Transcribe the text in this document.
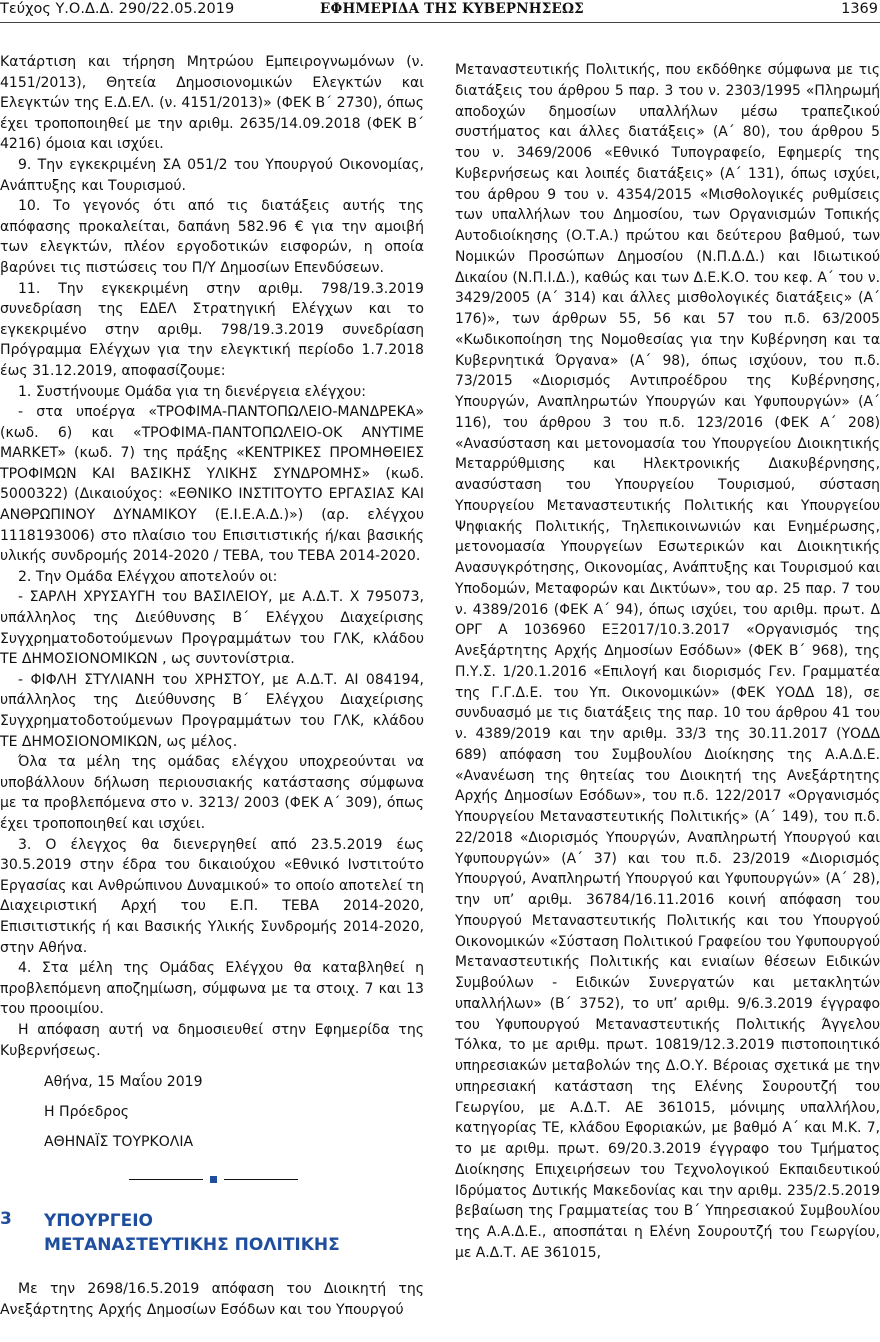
Τεύχος Υ.Ο.Δ.Δ. 290/22.05.2019	ΕΦΗΜΕΡΙΔΑ ΤΗΣ ΚΥΒΕΡΝΗΣΕΩΣ	1369

Κατάρτιση και τήρηση Μητρώου Εμπειρογνωμόνων (ν. 4151/2013), Θητεία Δημοσιονομικών Ελεγκτών και Ελεγκτών της Ε.Δ.ΕΛ. (ν. 4151/2013)» (ΦΕΚ Β΄ 2730), όπως έχει τροποποιηθεί με την αριθμ. 2635/14.09.2018 (ΦΕΚ Β΄ 4216) όμοια και ισχύει.

9. Την εγκεκριμένη ΣΑ 051/2 του Υπουργού Οικονομίας, Ανάπτυξης και Τουρισμού.

10. Το γεγονός ότι από τις διατάξεις αυτής της απόφασης προκαλείται, δαπάνη 582.96 € για την αμοιβή των ελεγκτών, πλέον εργοδοτικών εισφορών, η οποία βαρύνει τις πιστώσεις του Π/Υ Δημοσίων Επενδύσεων.

11. Την εγκεκριμένη στην αριθμ. 798/19.3.2019 συνεδρίαση της ΕΔΕΛ Στρατηγική Ελέγχων και το εγκεκριμένο στην αριθμ. 798/19.3.2019 συνεδρίαση Πρόγραμμα Ελέγχων για την ελεγκτική περίοδο 1.7.2018 έως 31.12.2019, αποφασίζουμε:

1. Συστήνουμε Ομάδα για τη διενέργεια ελέγχου:

- στα υποέργα «ΤΡΟΦΙΜΑ-ΠΑΝΤΟΠΩΛΕΙΟ-ΜΑΝΔΡΕΚΑ» (κωδ. 6) και «ΤΡΟΦΙΜΑ-ΠΑΝΤΟΠΩΛΕΙΟ-ΟΚ ΑΝΥΤΙΜΕ MARKET» (κωδ. 7) της πράξης «ΚΕΝΤΡΙΚΕΣ ΠΡΟΜΗΘΕΙΕΣ ΤΡΟΦΙΜΩΝ ΚΑΙ ΒΑΣΙΚΗΣ ΥΛΙΚΗΣ ΣΥΝΔΡΟΜΗΣ» (κωδ. 5000322) (Δικαιούχος: «ΕΘΝΙΚΟ ΙΝΣΤΙΤΟΥΤΟ ΕΡΓΑΣΙΑΣ ΚΑΙ ΑΝΘΡΩΠΙΝΟΥ ΔΥΝΑΜΙΚΟΥ (Ε.Ι.Ε.Α.Δ.)») (αρ. ελέγχου 1118193006) στο πλαίσιο του Επισιτιστικής ή/και βασικής υλικής συνδρομής 2014-2020 / ΤΕΒΑ, του ΤΕΒΑ 2014-2020.

2. Την Ομάδα Ελέγχου αποτελούν οι:

- ΣΑΡΛΗ ΧΡΥΣΑΥΓΗ του ΒΑΣΙΛΕΙΟΥ, με Α.Δ.Τ. Χ 795073, υπάλληλος της Διεύθυνσης Β΄ Ελέγχου Διαχείρισης Συγχρηματοδοτούμενων Προγραμμάτων του ΓΛΚ, κλάδου ΤΕ ΔΗΜΟΣΙΟΝΟΜΙΚΩΝ , ως συντονίστρια.

- ΦΙΦΛΗ ΣΤΥΛΙΑΝΗ του ΧΡΗΣΤΟΥ, με Α.Δ.Τ. ΑΙ 084194, υπάλληλος της Διεύθυνσης Β΄ Ελέγχου Διαχείρισης Συγχρηματοδοτούμενων Προγραμμάτων του ΓΛΚ, κλάδου ΤΕ ΔΗΜΟΣΙΟΝΟΜΙΚΩΝ, ως μέλος.

Όλα τα μέλη της ομάδας ελέγχου υποχρεούνται να υποβάλλουν δήλωση περιουσιακής κατάστασης σύμφωνα με τα προβλεπόμενα στο ν. 3213/ 2003 (ΦΕΚ Α΄ 309), όπως έχει τροποποιηθεί και ισχύει.

3. Ο έλεγχος θα διενεργηθεί από 23.5.2019 έως 30.5.2019 στην έδρα του δικαιούχου «Εθνικό Ινστιτούτο Εργασίας και Ανθρώπινου Δυναμικού» το οποίο αποτελεί τη Διαχειριστική Αρχή του Ε.Π. ΤΕΒΑ 2014-2020, Επισιτιστικής ή και Βασικής Υλικής Συνδρομής 2014-2020, στην Αθήνα.

4. Στα μέλη της Ομάδας Ελέγχου θα καταβληθεί η προβλεπόμενη αποζημίωση, σύμφωνα με τα στοιχ. 7 και 13 του προοιμίου.

Η απόφαση αυτή να δημοσιευθεί στην Εφημερίδα της Κυβερνήσεως.

Αθήνα, 15 Μαΐου 2019

Η Πρόεδρος

ΑΘΗΝΑΪΣ ΤΟΥΡΚΟΛΙΑ

3 ΥΠΟΥΡΓΕΙΟ
ΜΕΤΑΝΑΣΤΕΥΤΙΚΗΣ ΠΟΛΙΤΙΚΗΣ

Με την 2698/16.5.2019 απόφαση του Διοικητή της Ανεξάρτητης Αρχής Δημοσίων Εσόδων και του Υπουργού

Μεταναστευτικής Πολιτικής, που εκδόθηκε σύμφωνα με τις διατάξεις του άρθρου 5 παρ. 3 του ν. 2303/1995 «Πληρωμή αποδοχών δημοσίων υπαλλήλων μέσω τραπεζικού συστήματος και άλλες διατάξεις» (Α΄ 80), του άρθρου 5 του ν. 3469/2006 «Εθνικό Τυπογραφείο, Εφημερίς της Κυβερνήσεως και λοιπές διατάξεις» (Α΄ 131), όπως ισχύει, του άρθρου 9 του ν. 4354/2015 «Μισθολογικές ρυθμίσεις των υπαλλήλων του Δημοσίου, των Οργανισμών Τοπικής Αυτοδιοίκησης (Ο.Τ.Α.) πρώτου και δεύτερου βαθμού, των Νομικών Προσώπων Δημοσίου (Ν.Π.Δ.Δ.) και Ιδιωτικού Δικαίου (Ν.Π.Ι.Δ.), καθώς και των Δ.Ε.Κ.Ο. του κεφ. Α΄ του ν. 3429/2005 (Α΄ 314) και άλλες μισθολογικές διατάξεις» (Α΄ 176)», των άρθρων 55, 56 και 57 του π.δ. 63/2005 «Κωδικοποίηση της Νομοθεσίας για την Κυβέρνηση και τα Κυβερνητικά Όργανα» (Α΄ 98), όπως ισχύουν, του π.δ. 73/2015 «Διορισμός Αντιπροέδρου της Κυβέρνησης, Υπουργών, Αναπληρωτών Υπουργών και Υφυπουργών» (Α΄ 116), του άρθρου 3 του π.δ. 123/2016 (ΦΕΚ Α΄ 208) «Ανασύσταση και μετονομασία του Υπουργείου Διοικητικής Μεταρρύθμισης και Ηλεκτρονικής Διακυβέρνησης, ανασύσταση του Υπουργείου Τουρισμού, σύσταση Υπουργείου Μεταναστευτικής Πολιτικής και Υπουργείου Ψηφιακής Πολιτικής, Τηλεπικοινωνιών και Ενημέρωσης, μετονομασία Υπουργείων Εσωτερικών και Διοικητικής Ανασυγκρότησης, Οικονομίας, Ανάπτυξης και Τουρισμού και Υποδομών, Μεταφορών και Δικτύων», του αρ. 25 παρ. 7 του ν. 4389/2016 (ΦΕΚ Α΄ 94), όπως ισχύει, του αριθμ. πρωτ. Δ ΟΡΓ Α 1036960 ΕΞ2017/10.3.2017 «Οργανισμός της Ανεξάρτητης Αρχής Δημοσίων Εσόδων» (ΦΕΚ Β΄ 968), της Π.Υ.Σ. 1/20.1.2016 «Επιλογή και διορισμός Γεν. Γραμματέα της Γ.Γ.Δ.Ε. του Υπ. Οικονομικών» (ΦΕΚ ΥΟΔΔ 18), σε συνδυασμό με τις διατάξεις της παρ. 10 του άρθρου 41 του ν. 4389/2019 και την αριθμ. 33/3 της 30.11.2017 (ΥΟΔΔ 689) απόφαση του Συμβουλίου Διοίκησης της Α.Α.Δ.Ε. «Ανανέωση της θητείας του Διοικητή της Ανεξάρτητης Αρχής Δημοσίων Εσόδων», του π.δ. 122/2017 «Οργανισμός Υπουργείου Μεταναστευτικής Πολιτικής» (Α΄ 149), του π.δ. 22/2018 «Διορισμός Υπουργών, Αναπληρωτή Υπουργού και Υφυπουργών» (Α΄ 37) και του π.δ. 23/2019 «Διορισμός Υπουργού, Αναπληρωτή Υπουργού και Υφυπουργών» (Α΄ 28), την υπ’ αριθμ. 36784/16.11.2016 κοινή απόφαση του Υπουργού Μεταναστευτικής Πολιτικής και του Υπουργού Οικονομικών «Σύσταση Πολιτικού Γραφείου του Υφυπουργού Μεταναστευτικής Πολιτικής και ενιαίων θέσεων Ειδικών Συμβούλων - Ειδικών Συνεργατών και μετακλητών υπαλλήλων» (Β΄ 3752), το υπ’ αριθμ. 9/6.3.2019 έγγραφο του Υφυπουργού Μεταναστευτικής Πολιτικής Άγγελου Τόλκα, το με αριθμ. πρωτ. 10819/12.3.2019 πιστοποιητικό υπηρεσιακών μεταβολών της Δ.Ο.Υ. Βέροιας σχετικά με την υπηρεσιακή κατάσταση της Ελένης Σουρουτζή του Γεωργίου, με Α.Δ.Τ. ΑΕ 361015, μόνιμης υπαλλήλου, κατηγορίας ΤΕ, κλάδου Εφοριακών, με βαθμό Α΄ και Μ.Κ. 7, το με αριθμ. πρωτ. 69/20.3.2019 έγγραφο του Τμήματος Διοίκησης Επιχειρήσεων του Τεχνολογικού Εκπαιδευτικού Ιδρύματος Δυτικής Μακεδονίας και την αριθμ. 235/2.5.2019 βεβαίωση της Γραμματείας του Β΄ Υπηρεσιακού Συμβουλίου της Α.Α.Δ.Ε., αποσπάται η Ελένη Σουρουτζή του Γεωργίου, με Α.Δ.Τ. ΑΕ 361015,
